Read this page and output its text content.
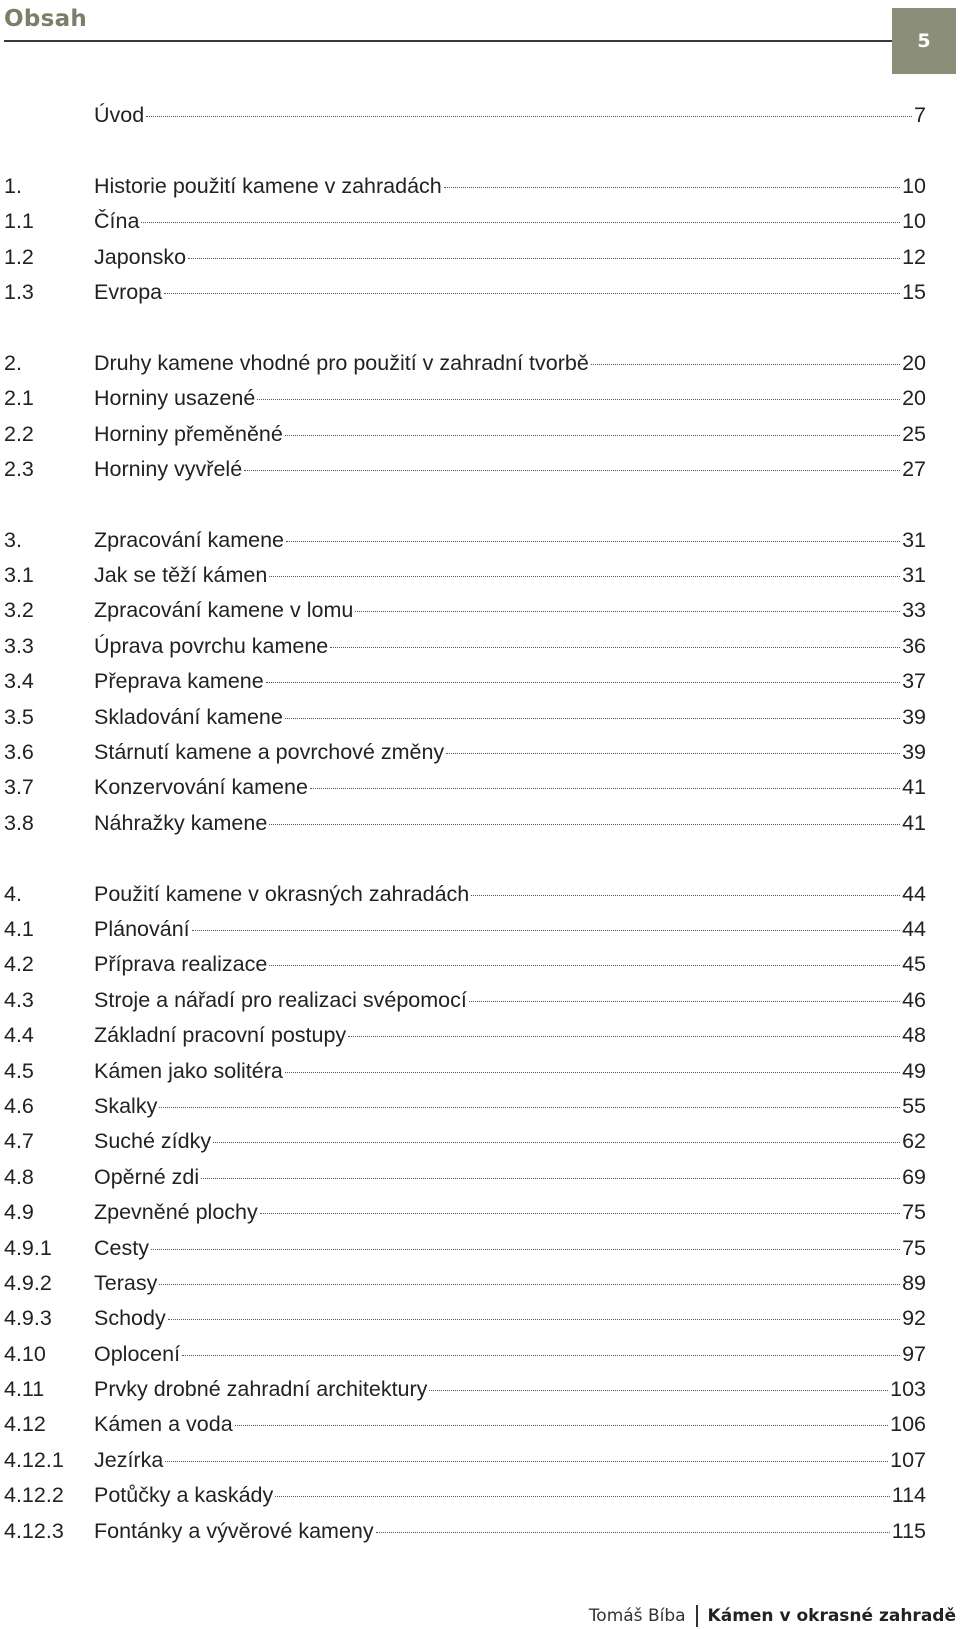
Obsah
5
Úvod	7
1.	Historie použití kamene v zahradách	10
1.1	Čína	10
1.2	Japonsko	12
1.3	Evropa	15
2.	Druhy kamene vhodné pro použití v zahradní tvorbě	20
2.1	Horniny usazené	20
2.2	Horniny přeměněné	25
2.3	Horniny vyvřelé	27
3.	Zpracování kamene	31
3.1	Jak se těží kámen	31
3.2	Zpracování kamene v lomu	33
3.3	Úprava povrchu kamene	36
3.4	Přeprava kamene	37
3.5	Skladování kamene	39
3.6	Stárnutí kamene a povrchové změny	39
3.7	Konzervování kamene	41
3.8	Náhražky kamene	41
4.	Použití kamene v okrasných zahradách	44
4.1	Plánování	44
4.2	Příprava realizace	45
4.3	Stroje a nářadí pro realizaci svépomocí	46
4.4	Základní pracovní postupy	48
4.5	Kámen jako solitéra	49
4.6	Skalky	55
4.7	Suché zídky	62
4.8	Opěrné zdi	69
4.9	Zpevněné plochy	75
4.9.1	Cesty	75
4.9.2	Terasy	89
4.9.3	Schody	92
4.10	Oplocení	97
4.11	Prvky drobné zahradní architektury	103
4.12	Kámen a voda	106
4.12.1	Jezírka	107
4.12.2	Potůčky a kaskády	114
4.12.3	Fontánky a vývěrové kameny	115
Tomáš Bíba Kámen v okrasné zahradě
